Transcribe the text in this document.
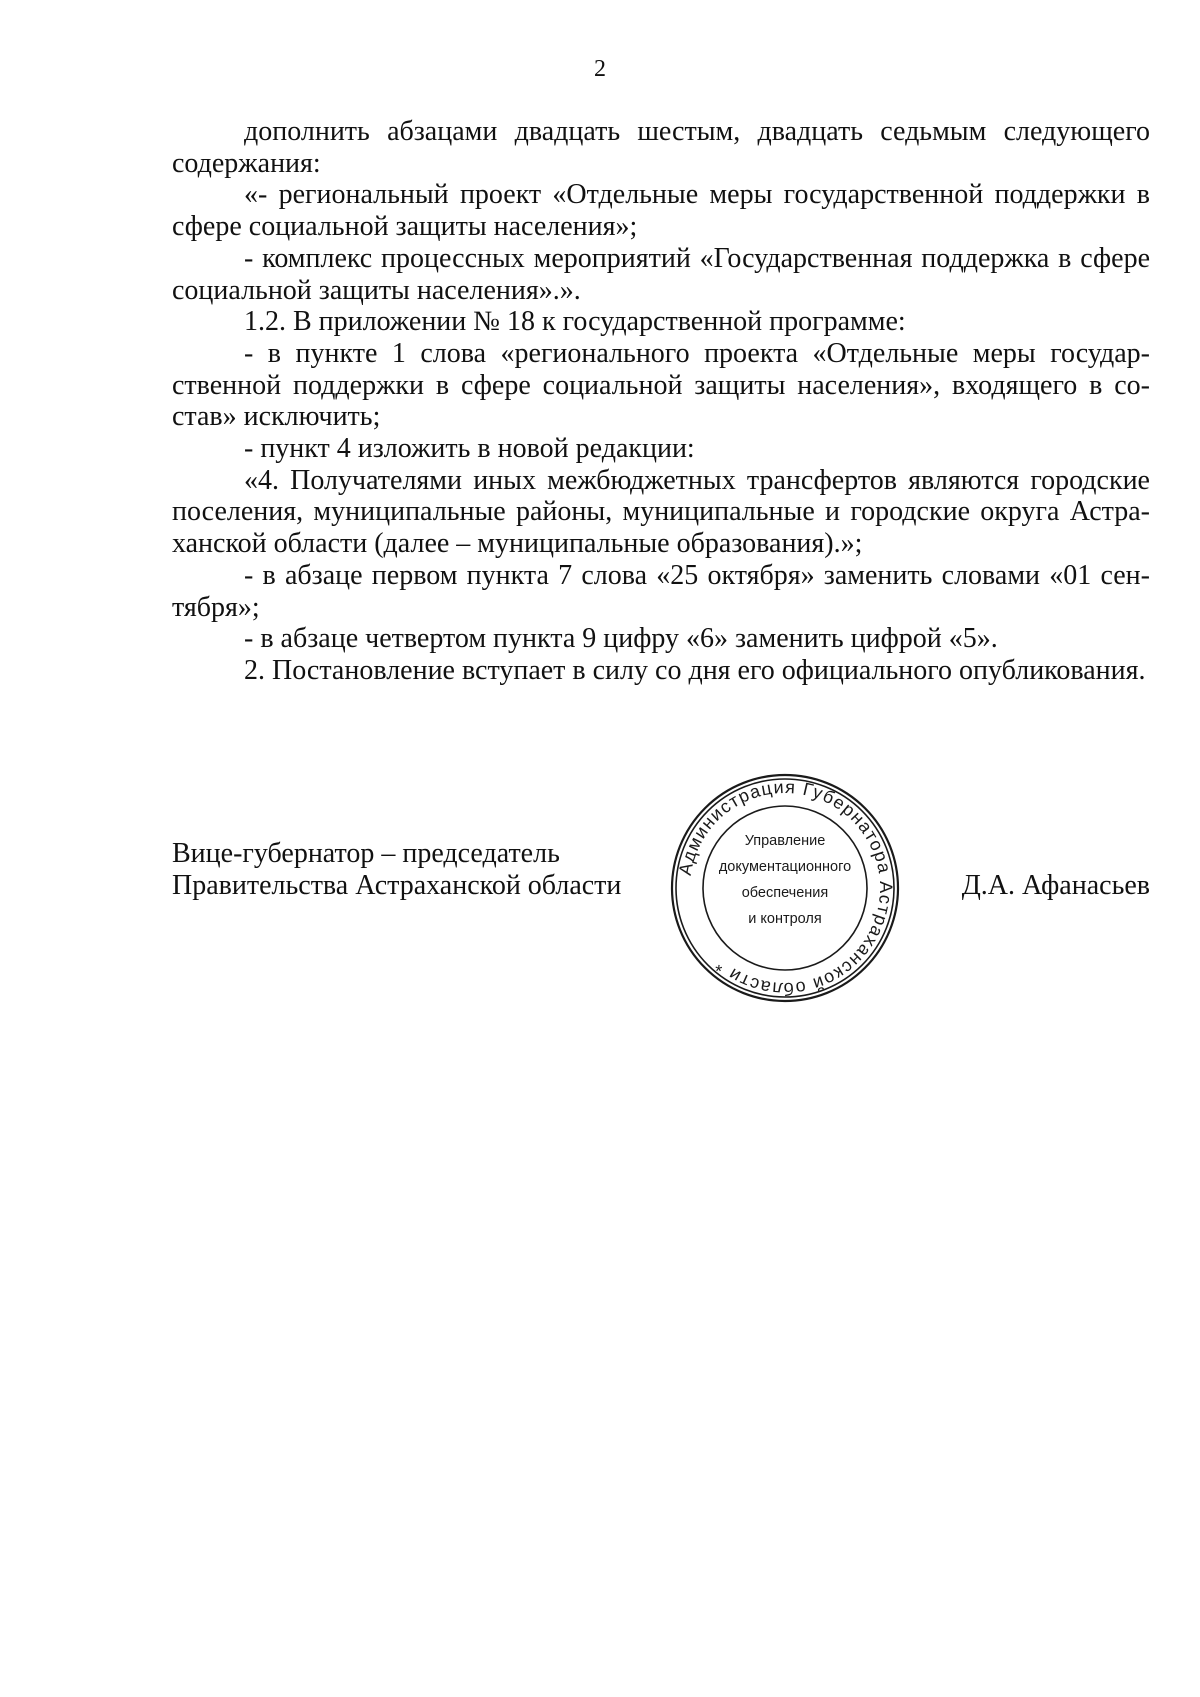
2

дополнить абзацами двадцать шестым, двадцать седьмым следующего содержания:

«- региональный проект «Отдельные меры государственной поддержки в сфере социальной защиты населения»;

- комплекс процессных мероприятий «Государственная поддержка в сфере социальной защиты населения».».

1.2. В приложении № 18 к государственной программе:

- в пункте 1 слова «регионального проекта «Отдельные меры государственной поддержки в сфере социальной защиты населения», входящего в состав» исключить;

- пункт 4 изложить в новой редакции:

«4. Получателями иных межбюджетных трансфертов являются городские поселения, муниципальные районы, муниципальные и городские округа Астраханской области (далее – муниципальные образования).»;

- в абзаце первом пункта 7 слова «25 октября» заменить словами «01 сентября»;

- в абзаце четвертом пункта 9 цифру «6» заменить цифрой «5».

2. Постановление вступает в силу со дня его официального опубликования.

Вице-губернатор – председатель
Правительства Астраханской области
Администрация Губернатора Астраханской области *
Управление
документационного
обеспечения
и контроля
Д.А. Афанасьев
